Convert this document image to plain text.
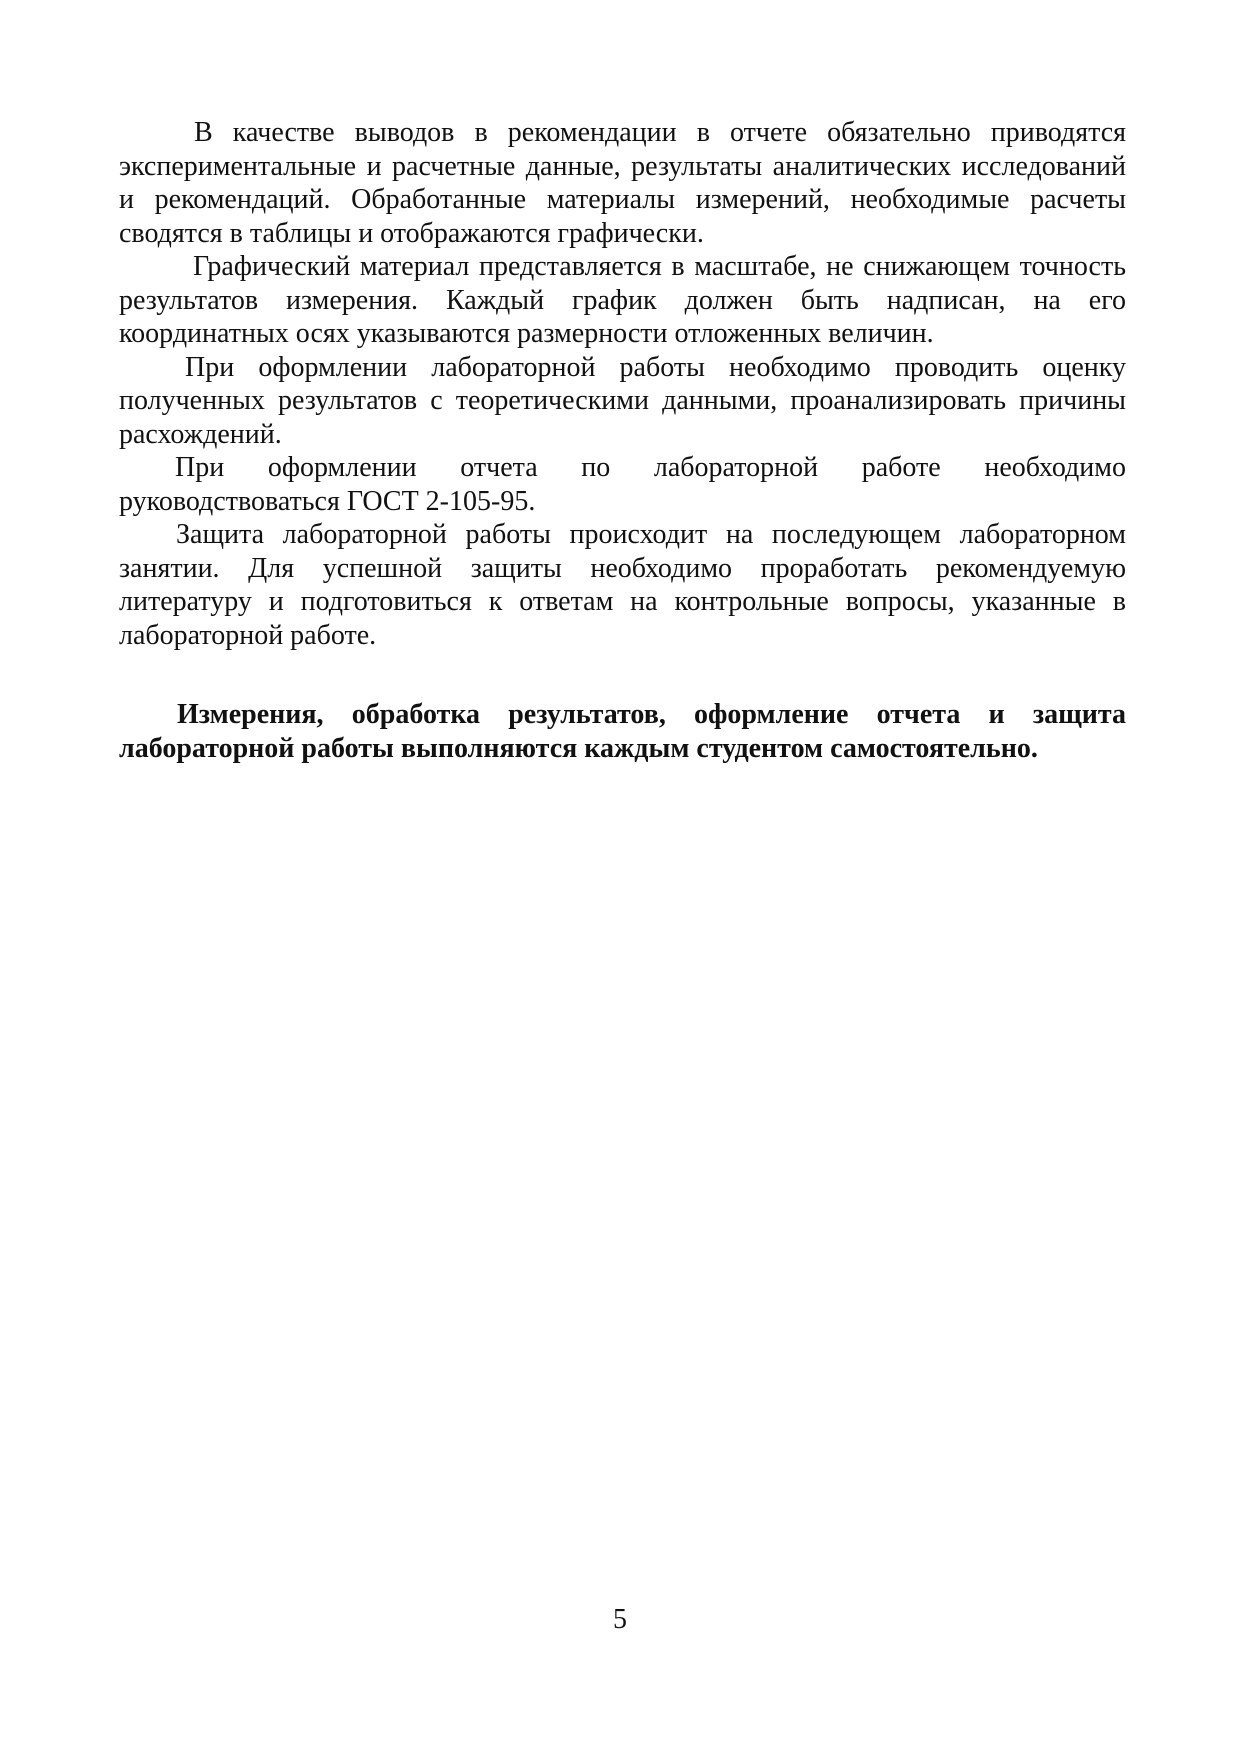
В качестве выводов в рекомендации в отчете обязательно приводятся экспериментальные и расчетные данные, результаты аналитических исследований и рекомендаций. Обработанные материалы измерений, необходимые расчеты сводятся в таблицы и отображаются графически.

Графический материал представляется в масштабе, не снижающем точность результатов измерения. Каждый график должен быть надписан, на его координатных осях указываются размерности отложенных величин.

При оформлении лабораторной работы необходимо проводить оценку полученных результатов с теоретическими данными, проанализировать причины расхождений.

При оформлении отчета по лабораторной работе необходимо руководствоваться ГОСТ 2-105-95.

Защита лабораторной работы происходит на последующем лабораторном занятии. Для успешной защиты необходимо проработать рекомендуемую литературу и подготовиться к ответам на контрольные вопросы, указанные в лабораторной работе.

Измерения, обработка результатов, оформление отчета и защита лабораторной работы выполняются каждым студентом самостоятельно.

5
